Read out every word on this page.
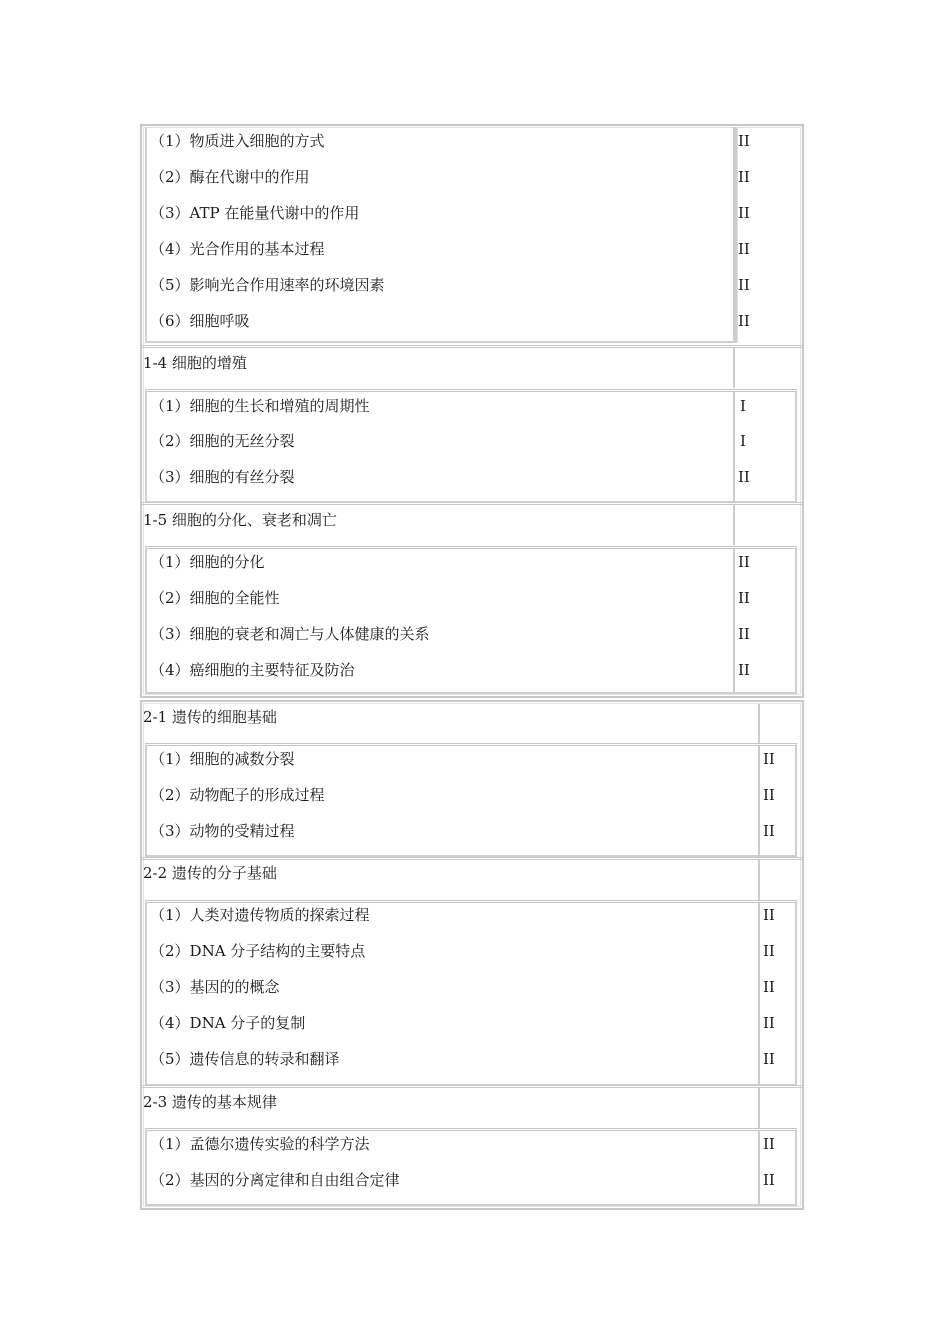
（1）物质进入细胞的方式	II
（2）酶在代谢中的作用	II
（3）ATP 在能量代谢中的作用	II
（4）光合作用的基本过程	II
（5）影响光合作用速率的环境因素	II
（6）细胞呼吸	II
1-4 细胞的增殖
（1）细胞的生长和增殖的周期性	I
（2）细胞的无丝分裂	I
（3）细胞的有丝分裂	II
1-5 细胞的分化、衰老和凋亡
（1）细胞的分化	II
（2）细胞的全能性	II
（3）细胞的衰老和凋亡与人体健康的关系	II
（4）癌细胞的主要特征及防治	II
2-1 遗传的细胞基础
（1）细胞的减数分裂	II
（2）动物配子的形成过程	II
（3）动物的受精过程	II
2-2 遗传的分子基础
（1）人类对遗传物质的探索过程	II
（2）DNA 分子结构的主要特点	II
（3）基因的的概念	II
（4）DNA 分子的复制	II
（5）遗传信息的转录和翻译	II
2-3 遗传的基本规律
（1）孟德尔遗传实验的科学方法	II
（2）基因的分离定律和自由组合定律	II
